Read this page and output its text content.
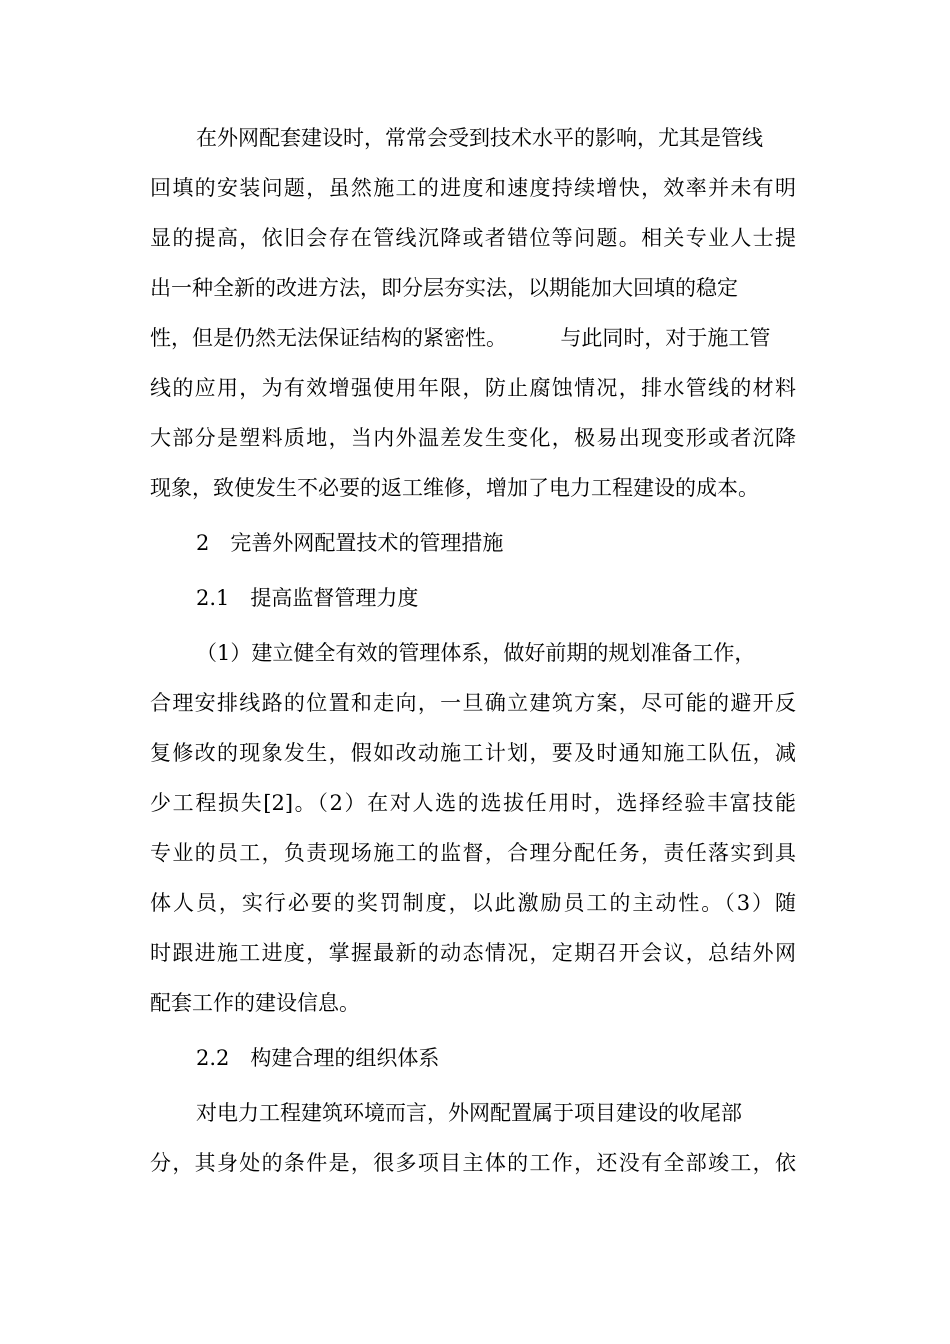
在外网配套建设时，常常会受到技术水平的影响，尤其是管线
回填的安装问题，虽然施工的进度和速度持续增快，效率并未有明
显的提高，依旧会存在管线沉降或者错位等问题。相关专业人士提
出一种全新的改进方法，即分层夯实法，以期能加大回填的稳定
性，但是仍然无法保证结构的紧密性。        与此同时，对于施工管
线的应用，为有效增强使用年限，防止腐蚀情况，排水管线的材料
大部分是塑料质地，当内外温差发生变化，极易出现变形或者沉降
现象，致使发生不必要的返工维修，增加了电力工程建设的成本。
2　完善外网配置技术的管理措施
2.1　提高监督管理力度
（1）建立健全有效的管理体系，做好前期的规划准备工作，
合理安排线路的位置和走向，一旦确立建筑方案，尽可能的避开反
复修改的现象发生，假如改动施工计划，要及时通知施工队伍，减
少工程损失[2]。（2）在对人选的选拔任用时，选择经验丰富技能
专业的员工，负责现场施工的监督，合理分配任务，责任落实到具
体人员，实行必要的奖罚制度，以此激励员工的主动性。（3）随
时跟进施工进度，掌握最新的动态情况，定期召开会议，总结外网
配套工作的建设信息。
2.2　构建合理的组织体系
对电力工程建筑环境而言，外网配置属于项目建设的收尾部
分，其身处的条件是，很多项目主体的工作，还没有全部竣工，依
